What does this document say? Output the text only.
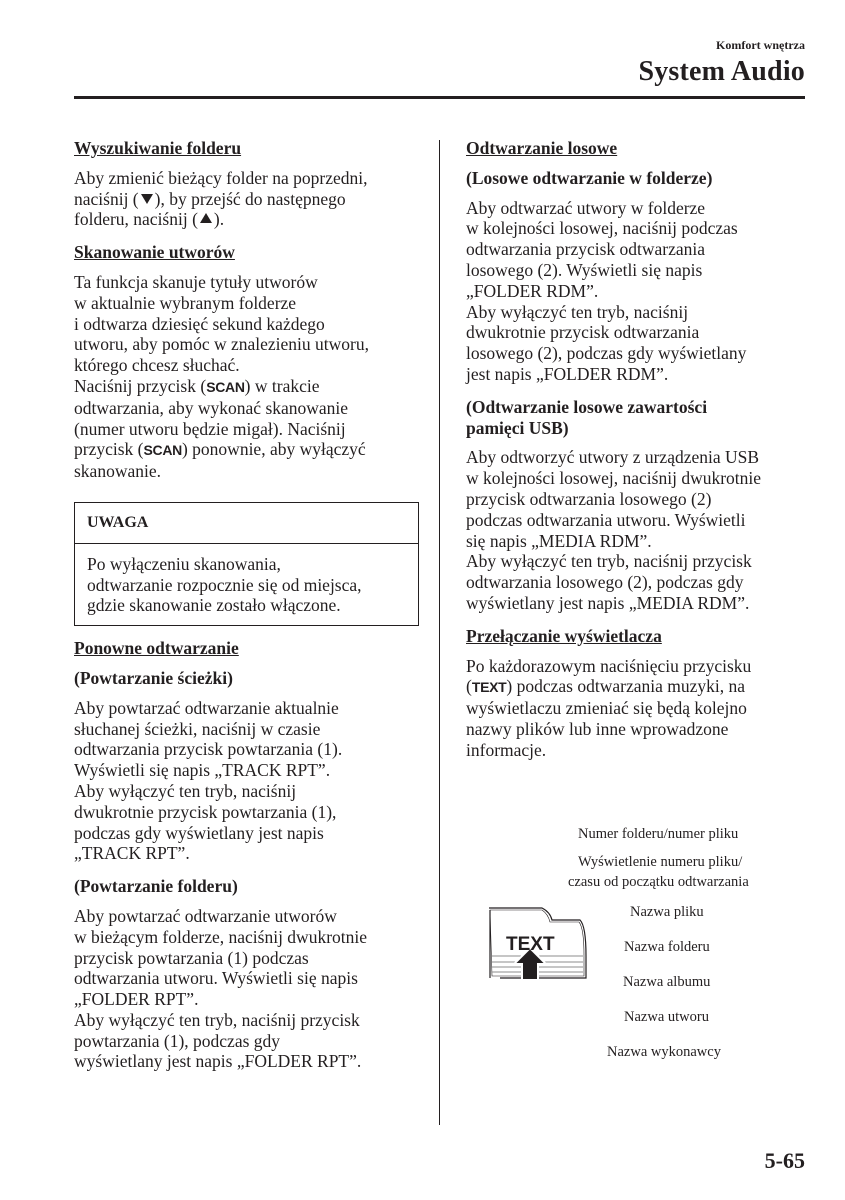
Komfort wnętrza
System Audio

Wyszukiwanie folderu

Aby zmienić bieżący folder na poprzedni,

naciśnij ( ), by przejść do następnego

folderu, naciśnij ( ).

Skanowanie utworów

Ta funkcja skanuje tytuły utworów

w aktualnie wybranym folderze

i odtwarza dziesięć sekund każdego

utworu, aby pomóc w znalezieniu utworu,

którego chcesz słuchać.

Naciśnij przycisk (SCAN) w trakcie

odtwarzania, aby wykonać skanowanie

(numer utworu będzie migał). Naciśnij

przycisk (SCAN) ponownie, aby wyłączyć

skanowanie.

UWAGA

Po wyłączeniu skanowania,

odtwarzanie rozpocznie się od miejsca,

gdzie skanowanie zostało włączone.

Ponowne odtwarzanie

(Powtarzanie ścieżki)

Aby powtarzać odtwarzanie aktualnie

słuchanej ścieżki, naciśnij w czasie

odtwarzania przycisk powtarzania (1).

Wyświetli się napis „TRACK RPT”.

Aby wyłączyć ten tryb, naciśnij

dwukrotnie przycisk powtarzania (1),

podczas gdy wyświetlany jest napis

„TRACK RPT”.

(Powtarzanie folderu)

Aby powtarzać odtwarzanie utworów

w bieżącym folderze, naciśnij dwukrotnie

przycisk powtarzania (1) podczas

odtwarzania utworu. Wyświetli się napis

„FOLDER RPT”.

Aby wyłączyć ten tryb, naciśnij przycisk

powtarzania (1), podczas gdy

wyświetlany jest napis „FOLDER RPT”.

Odtwarzanie losowe

(Losowe odtwarzanie w folderze)

Aby odtwarzać utwory w folderze

w kolejności losowej, naciśnij podczas

odtwarzania przycisk odtwarzania

losowego (2). Wyświetli się napis

„FOLDER RDM”.

Aby wyłączyć ten tryb, naciśnij

dwukrotnie przycisk odtwarzania

losowego (2), podczas gdy wyświetlany

jest napis „FOLDER RDM”.

(Odtwarzanie losowe zawartości

pamięci USB)

Aby odtworzyć utwory z urządzenia USB

w kolejności losowej, naciśnij dwukrotnie

przycisk odtwarzania losowego (2)

podczas odtwarzania utworu. Wyświetli

się napis „MEDIA RDM”.

Aby wyłączyć ten tryb, naciśnij przycisk

odtwarzania losowego (2), podczas gdy

wyświetlany jest napis „MEDIA RDM”.

Przełączanie wyświetlacza

Po każdorazowym naciśnięciu przycisku

(TEXT) podczas odtwarzania muzyki, na

wyświetlaczu zmieniać się będą kolejno

nazwy plików lub inne wprowadzone

informacje.

Numer folderu/numer pliku
Wyświetlenie numeru pliku/
czasu od początku odtwarzania
Nazwa pliku
Nazwa folderu
Nazwa albumu
Nazwa utworu
Nazwa wykonawcy
TEXT
5-65
